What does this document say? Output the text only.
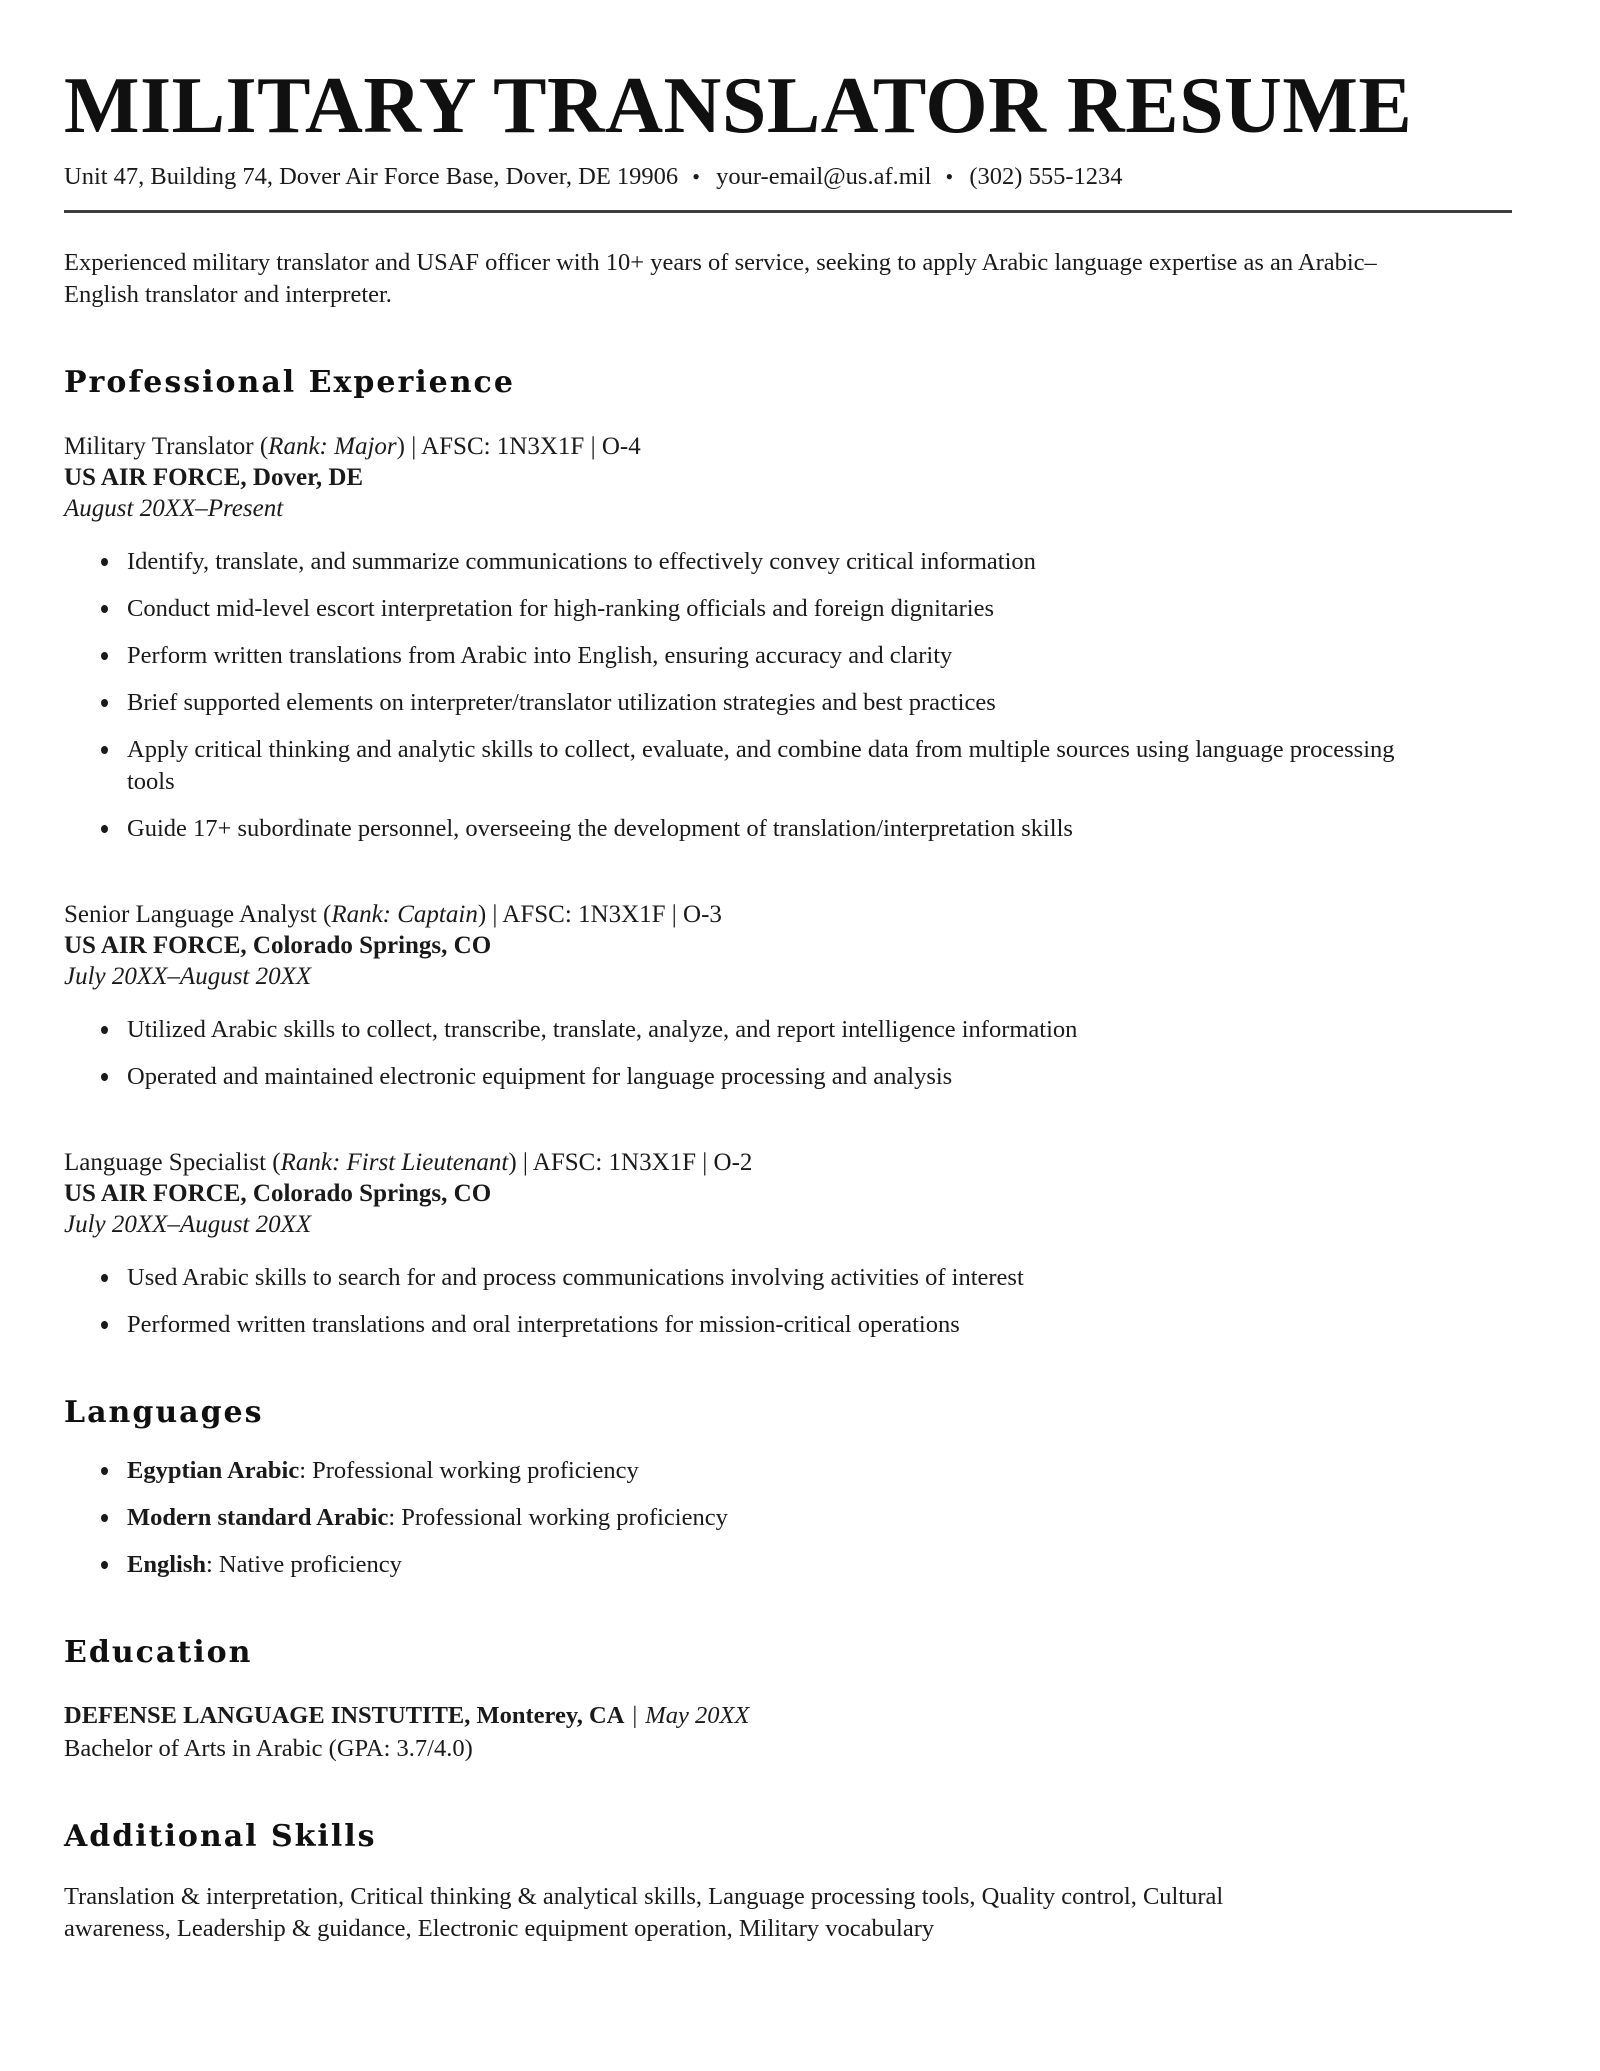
MILITARY TRANSLATOR RESUME
Unit 47, Building 74, Dover Air Force Base, Dover, DE 19906 • your-email@us.af.mil • (302) 555-1234

Experienced military translator and USAF officer with 10+ years of service, seeking to apply Arabic language expertise as an Arabic–English translator and interpreter.

Professional Experience
Military Translator (Rank: Major) | AFSC: 1N3X1F | O-4
US AIR FORCE, Dover, DE
August 20XX–Present
Identify, translate, and summarize communications to effectively convey critical information
Conduct mid-level escort interpretation for high-ranking officials and foreign dignitaries
Perform written translations from Arabic into English, ensuring accuracy and clarity
Brief supported elements on interpreter/translator utilization strategies and best practices
Apply critical thinking and analytic skills to collect, evaluate, and combine data from multiple sources using language processing tools
Guide 17+ subordinate personnel, overseeing the development of translation/interpretation skills
Senior Language Analyst (Rank: Captain) | AFSC: 1N3X1F | O-3
US AIR FORCE, Colorado Springs, CO
July 20XX–August 20XX
Utilized Arabic skills to collect, transcribe, translate, analyze, and report intelligence information
Operated and maintained electronic equipment for language processing and analysis
Language Specialist (Rank: First Lieutenant) | AFSC: 1N3X1F | O-2
US AIR FORCE, Colorado Springs, CO
July 20XX–August 20XX
Used Arabic skills to search for and process communications involving activities of interest
Performed written translations and oral interpretations for mission-critical operations
Languages
Egyptian Arabic: Professional working proficiency
Modern standard Arabic: Professional working proficiency
English: Native proficiency
Education
DEFENSE LANGUAGE INSTUTITE, Monterey, CA | May 20XX
Bachelor of Arts in Arabic (GPA: 3.7/4.0)
Additional Skills

Translation & interpretation, Critical thinking & analytical skills, Language processing tools, Quality control, Cultural awareness, Leadership & guidance, Electronic equipment operation, Military vocabulary
